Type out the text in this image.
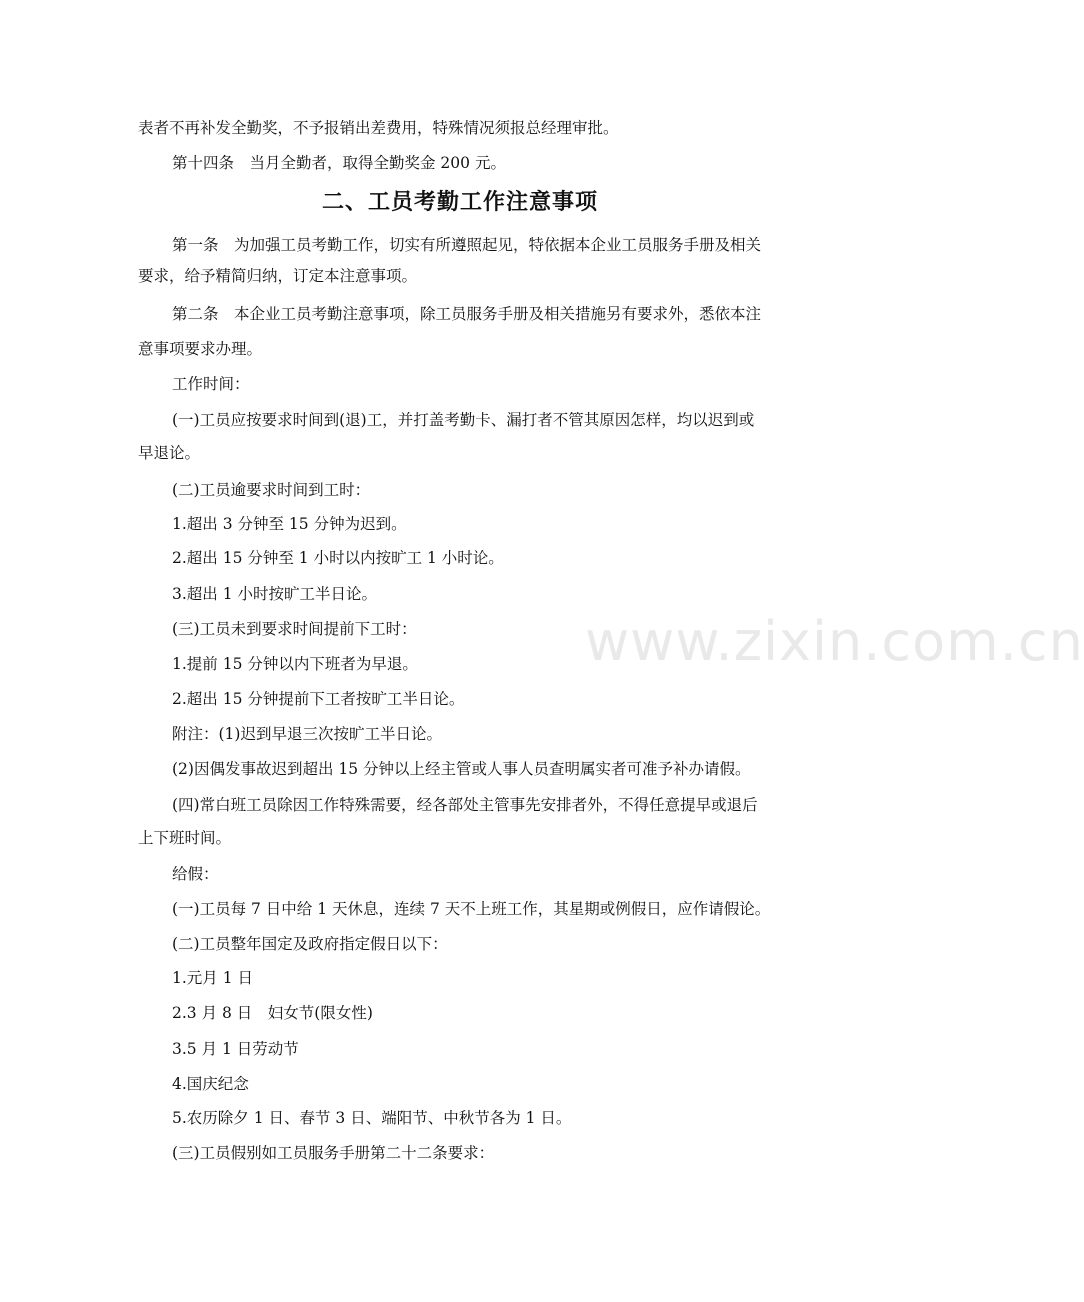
表者不再补发全勤奖，不予报销出差费用，特殊情况须报总经理审批。
第十四条　当月全勤者，取得全勤奖金 200 元。
二、工员考勤工作注意事项
第一条　为加强工员考勤工作，切实有所遵照起见，特依据本企业工员服务手册及相关
要求，给予精简归纳，订定本注意事项。
第二条　本企业工员考勤注意事项，除工员服务手册及相关措施另有要求外，悉依本注
意事项要求办理。
工作时间：
(一)工员应按要求时间到(退)工，并打盖考勤卡、漏打者不管其原因怎样，均以迟到或
早退论。
(二)工员逾要求时间到工时：
1.超出 3 分钟至 15 分钟为迟到。
2.超出 15 分钟至 1 小时以内按旷工 1 小时论。
3.超出 1 小时按旷工半日论。
(三)工员未到要求时间提前下工时：
1.提前 15 分钟以内下班者为早退。
2.超出 15 分钟提前下工者按旷工半日论。
附注：(1)迟到早退三次按旷工半日论。
(2)因偶发事故迟到超出 15 分钟以上经主管或人事人员查明属实者可准予补办请假。
(四)常白班工员除因工作特殊需要，经各部处主管事先安排者外，不得任意提早或退后
上下班时间。
给假：
(一)工员每 7 日中给 1 天休息，连续 7 天不上班工作，其星期或例假日，应作请假论。
(二)工员整年国定及政府指定假日以下：
1.元月 1 日
2.3 月 8 日　妇女节(限女性)
3.5 月 1 日劳动节
4.国庆纪念
5.农历除夕 1 日、春节 3 日、端阳节、中秋节各为 1 日。
(三)工员假别如工员服务手册第二十二条要求：
www.zixin.com.cn
